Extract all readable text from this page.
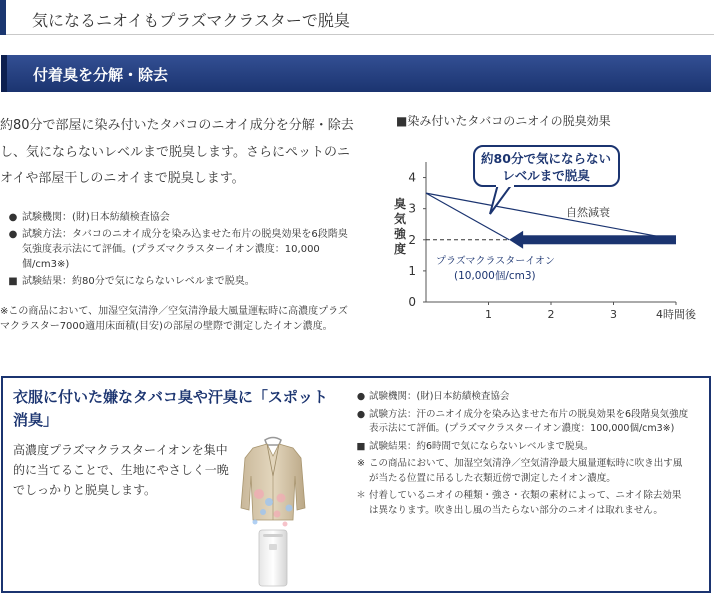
気になるニオイもプラズマクラスターで脱臭
付着臭を分解・除去

約80分で部屋に染み付いたタバコのニオイ成分を分解・除去し、気にならないレベルまで脱臭します。さらにペットのニオイや部屋干しのニオイまで脱臭します。

● 試験機関：(財)日本紡績検査協会
● 試験方法：タバコのニオイ成分を染み込ませた布片の脱臭効果を6段階臭気強度表示法にて評価。(プラズマクラスターイオン濃度：10,000個/cm3※)
■ 試験結果：約80分で気にならないレベルまで脱臭。

※この商品において、加湿空気清浄／空気清浄最大風量運転時に高濃度プラズマクラスター7000適用床面積(目安)の部屋の壁際で測定したイオン濃度。

■染み付いたタバコのニオイの脱臭効果
0
1
2
3
4
1	2	3	4時間後
臭
気
強
度
自然減衰
プラズマクラスターイオン
(10,000個/cm3)
約80分で気にならない
レベルまで脱臭
衣服に付いた嫌なタバコ臭や汗臭に「スポット消臭」

高濃度プラズマクラスターイオンを集中的に当てることで、生地にやさしく一晩でしっかりと脱臭します。

● 試験機関：(財)日本紡績検査協会
● 試験方法：汗のニオイ成分を染み込ませた布片の脱臭効果を6段階臭気強度表示法にて評価。(プラズマクラスターイオン濃度：100,000個/cm3※)
■ 試験結果：約6時間で気にならないレベルまで脱臭。
※ この商品において、加湿空気清浄／空気清浄最大風量運転時に吹き出す風が当たる位置に吊るした衣類近傍で測定したイオン濃度。
＊ 付着しているニオイの種類・強さ・衣類の素材によって、ニオイ除去効果は異なります。吹き出し風の当たらない部分のニオイは取れません。
